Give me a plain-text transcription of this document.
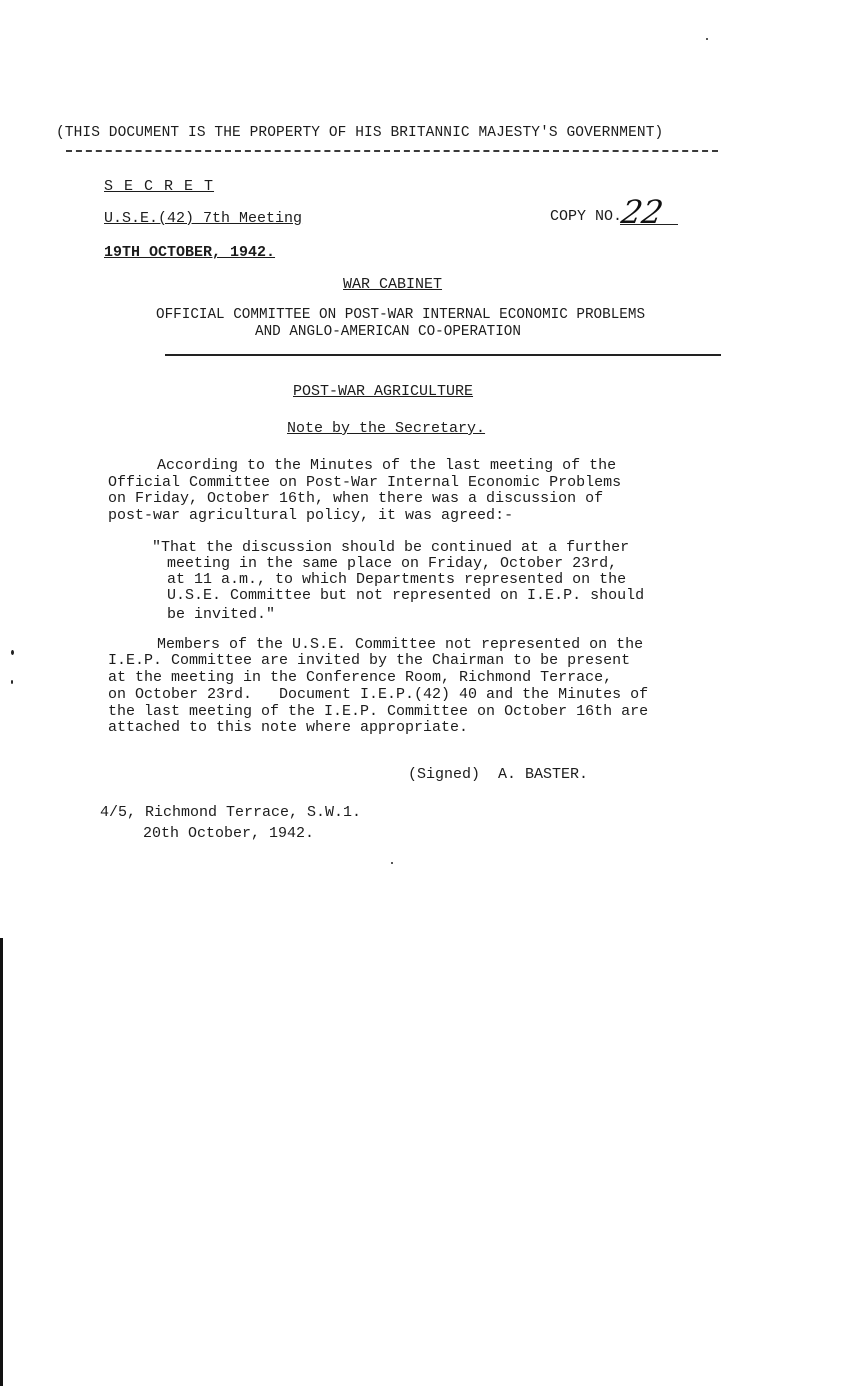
(THIS DOCUMENT IS THE PROPERTY OF HIS BRITANNIC MAJESTY'S GOVERNMENT)
S E C R E T
U.S.E.(42) 7th Meeting	COPY NO.
22
19TH OCTOBER, 1942.
WAR CABINET
OFFICIAL COMMITTEE ON POST-WAR INTERNAL ECONOMIC PROBLEMS
AND ANGLO-AMERICAN CO-OPERATION
POST-WAR AGRICULTURE
Note by the Secretary.
According to the Minutes of the last meeting of the
Official Committee on Post-War Internal Economic Problems
on Friday, October 16th, when there was a discussion of
post-war agricultural policy, it was agreed:-
"That the discussion should be continued at a further
meeting in the same place on Friday, October 23rd,
at 11 a.m., to which Departments represented on the
U.S.E. Committee but not represented on I.E.P. should
be invited."
Members of the U.S.E. Committee not represented on the
I.E.P. Committee are invited by the Chairman to be present
at the meeting in the Conference Room, Richmond Terrace,
on October 23rd.   Document I.E.P.(42) 40 and the Minutes of
the last meeting of the I.E.P. Committee on October 16th are
attached to this note where appropriate.
(Signed)  A. BASTER.
4/5, Richmond Terrace, S.W.1.
20th October, 1942.
